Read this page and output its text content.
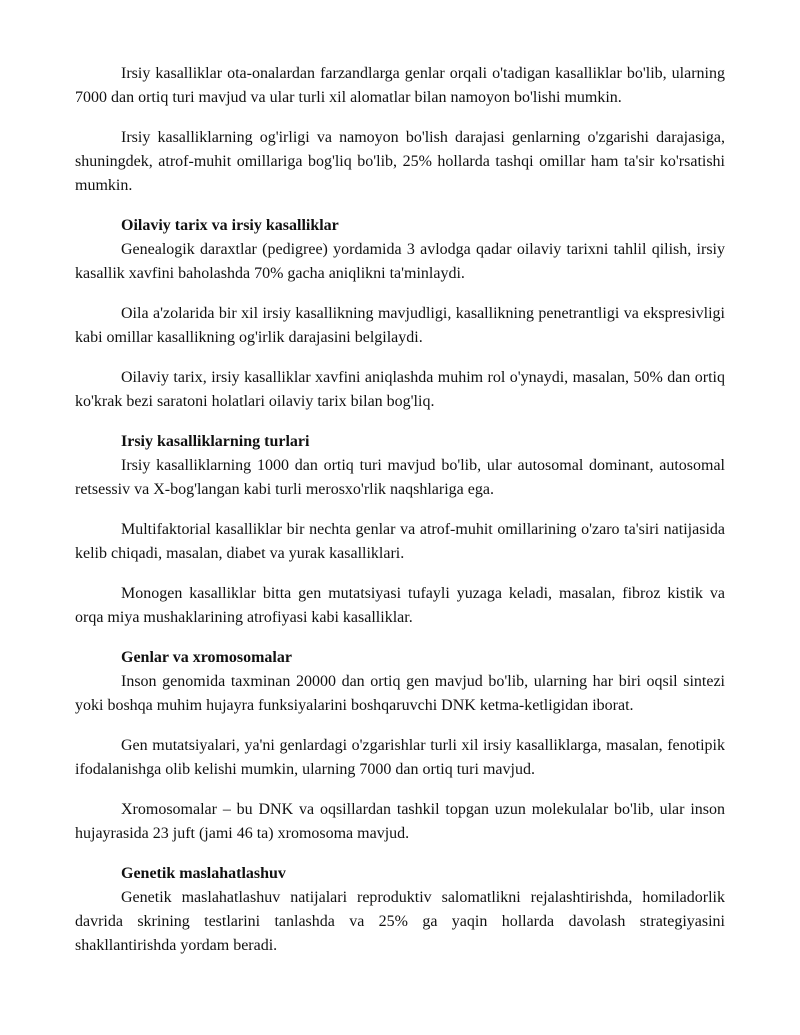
Irsiy kasalliklar ota-onalardan farzandlarga genlar orqali o'tadigan kasalliklar bo'lib, ularning 7000 dan ortiq turi mavjud va ular turli xil alomatlar bilan namoyon bo'lishi mumkin.

Irsiy kasalliklarning og'irligi va namoyon bo'lish darajasi genlarning o'zgarishi darajasiga, shuningdek, atrof-muhit omillariga bog'liq bo'lib, 25% hollarda tashqi omillar ham ta'sir ko'rsatishi mumkin.

Oilaviy tarix va irsiy kasalliklar

Genealogik daraxtlar (pedigree) yordamida 3 avlodga qadar oilaviy tarixni tahlil qilish, irsiy kasallik xavfini baholashda 70% gacha aniqlikni ta'minlaydi.

Oila a'zolarida bir xil irsiy kasallikning mavjudligi, kasallikning penetrantligi va ekspresivligi kabi omillar kasallikning og'irlik darajasini belgilaydi.

Oilaviy tarix, irsiy kasalliklar xavfini aniqlashda muhim rol o'ynaydi, masalan, 50% dan ortiq ko'krak bezi saratoni holatlari oilaviy tarix bilan bog'liq.

Irsiy kasalliklarning turlari

Irsiy kasalliklarning 1000 dan ortiq turi mavjud bo'lib, ular autosomal dominant, autosomal retsessiv va X-bog'langan kabi turli merosxo'rlik naqshlariga ega.

Multifaktorial kasalliklar bir nechta genlar va atrof-muhit omillarining o'zaro ta'siri natijasida kelib chiqadi, masalan, diabet va yurak kasalliklari.

Monogen kasalliklar bitta gen mutatsiyasi tufayli yuzaga keladi, masalan, fibroz kistik va orqa miya mushaklarining atrofiyasi kabi kasalliklar.

Genlar va xromosomalar

Inson genomida taxminan 20000 dan ortiq gen mavjud bo'lib, ularning har biri oqsil sintezi yoki boshqa muhim hujayra funksiyalarini boshqaruvchi DNK ketma-ketligidan iborat.

Gen mutatsiyalari, ya'ni genlardagi o'zgarishlar turli xil irsiy kasalliklarga, masalan, fenotipik ifodalanishga olib kelishi mumkin, ularning 7000 dan ortiq turi mavjud.

Xromosomalar – bu DNK va oqsillardan tashkil topgan uzun molekulalar bo'lib, ular inson hujayrasida 23 juft (jami 46 ta) xromosoma mavjud.

Genetik maslahatlashuv

Genetik maslahatlashuv natijalari reproduktiv salomatlikni rejalashtirishda, homiladorlik davrida skrining testlarini tanlashda va 25% ga yaqin hollarda davolash strategiyasini shakllantirishda yordam beradi.
